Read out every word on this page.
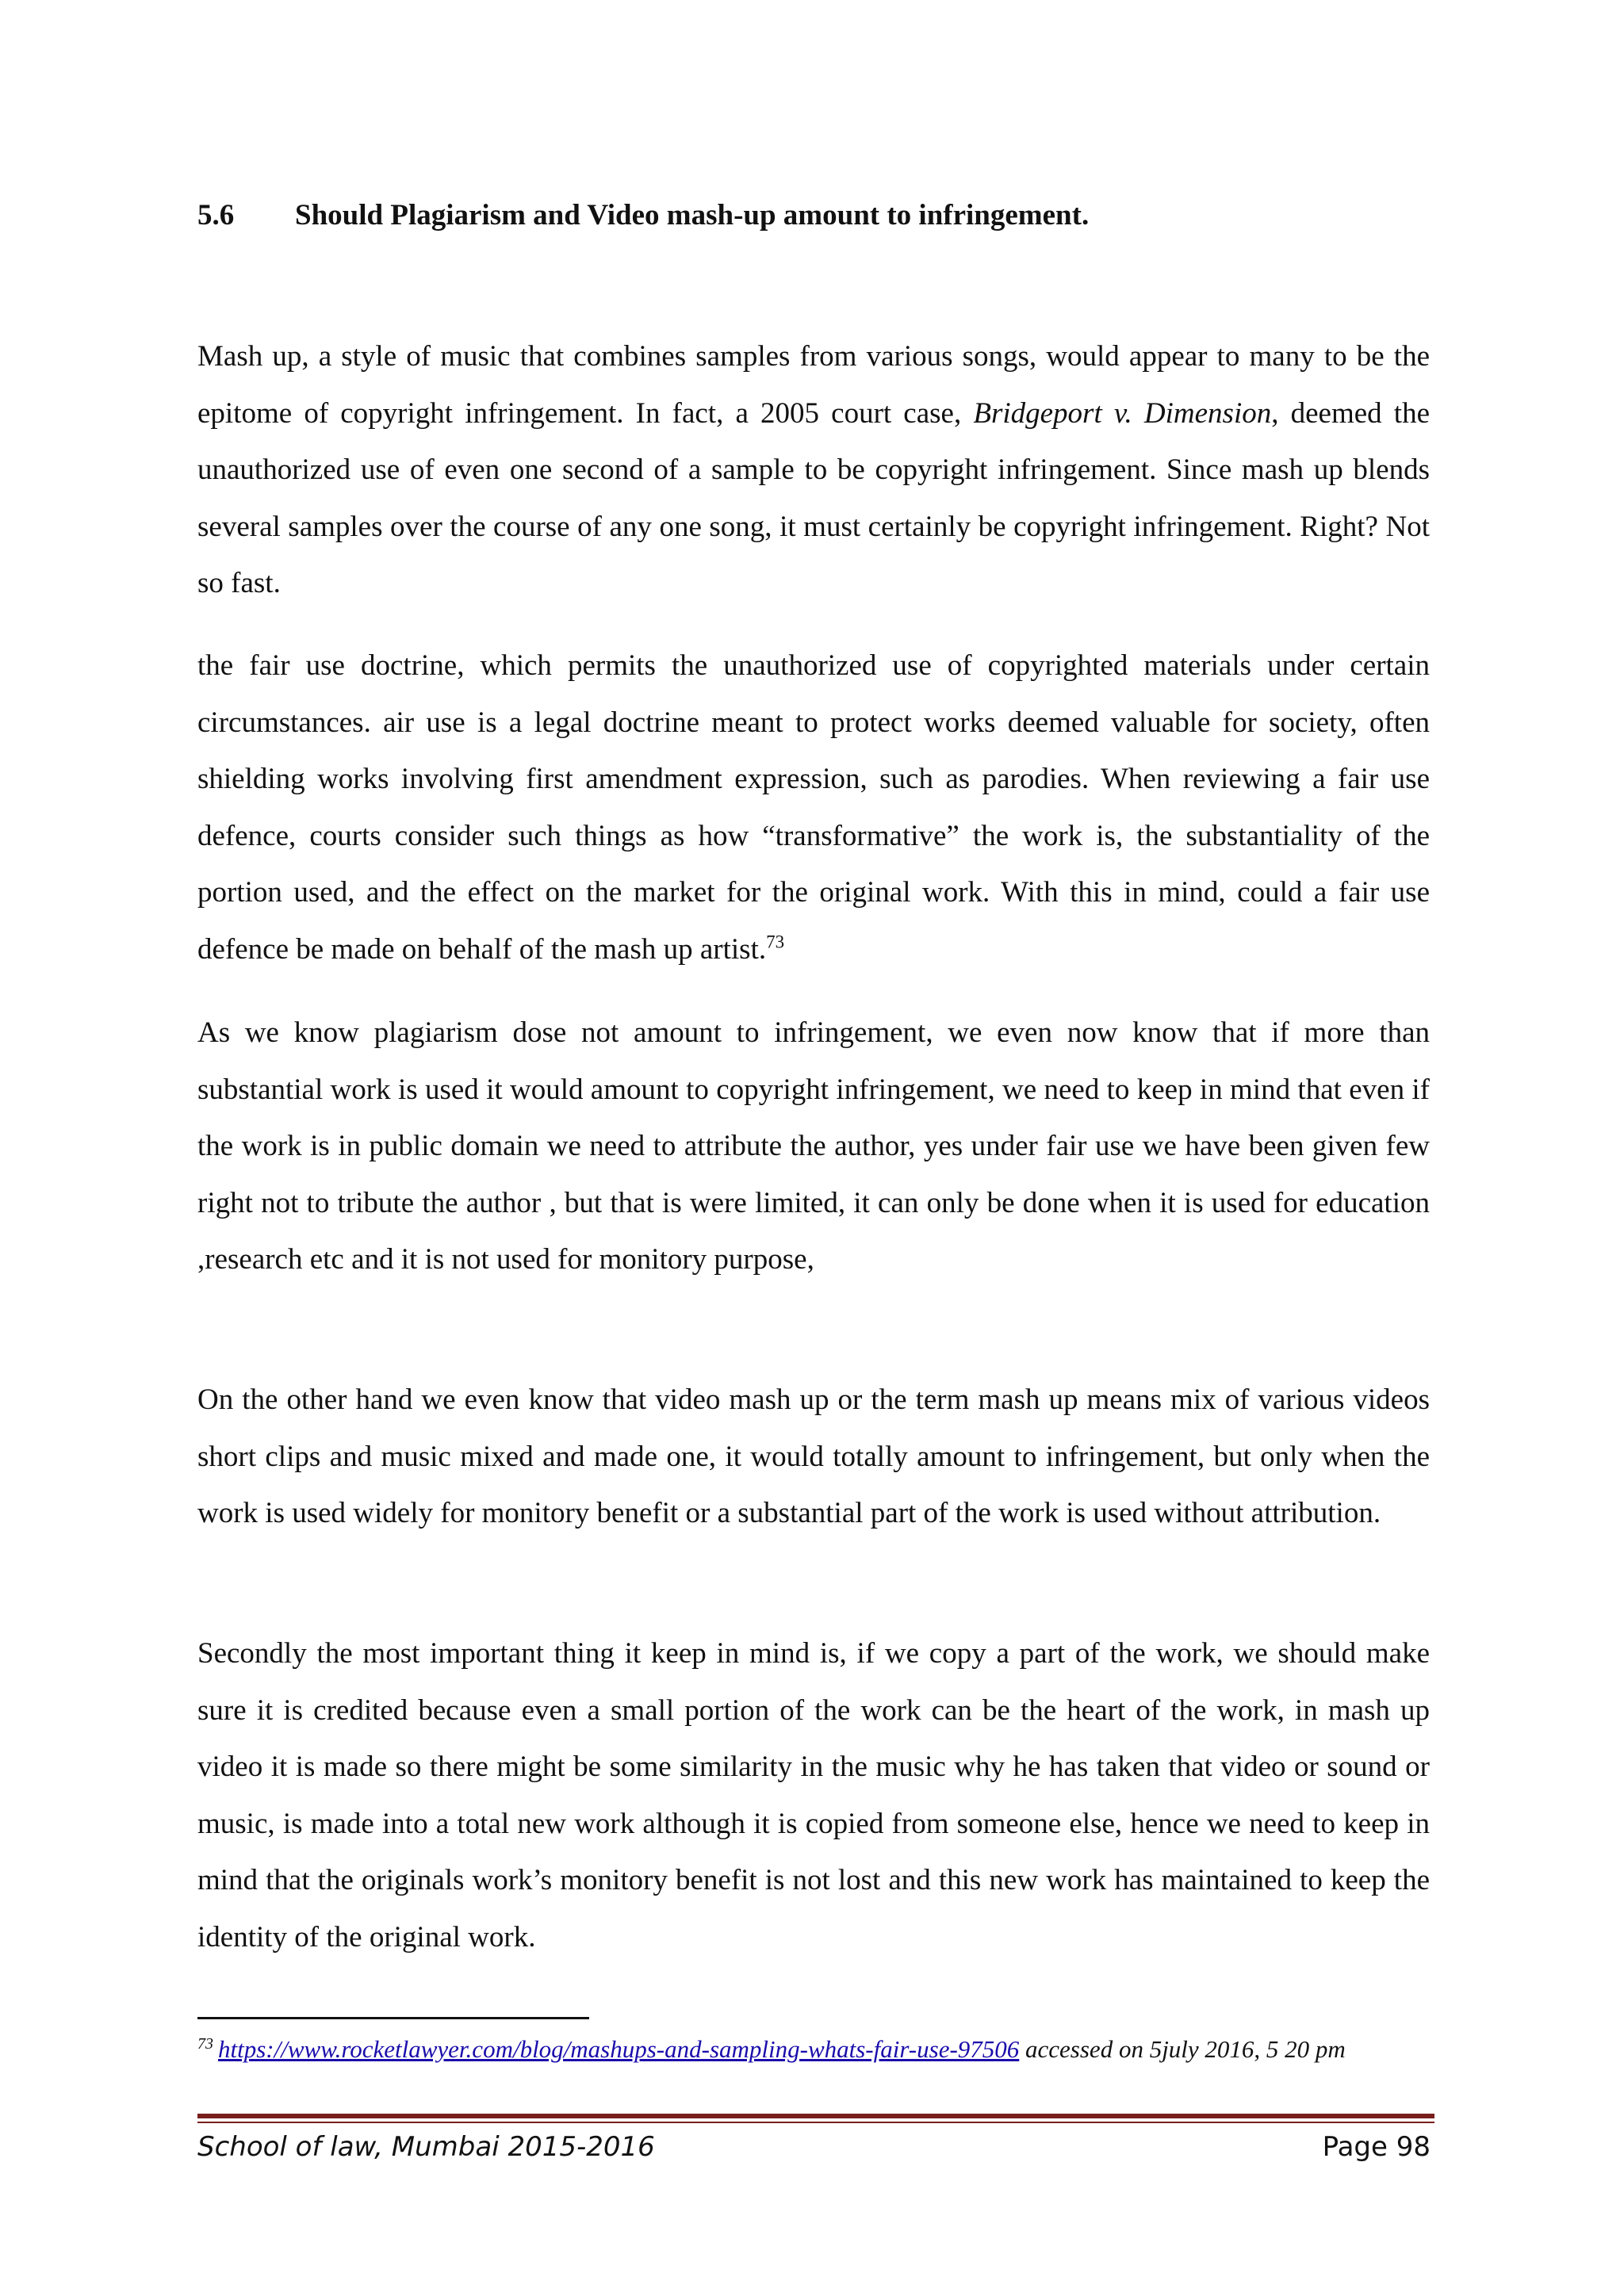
5.6 Should Plagiarism and Video mash-up amount to infringement.

Mash up, a style of music that combines samples from various songs, would appear to many to be the epitome of copyright infringement. In fact, a 2005 court case, Bridgeport v. Dimension, deemed the unauthorized use of even one second of a sample to be copyright infringement. Since mash up blends several samples over the course of any one song, it must certainly be copyright infringement. Right? Not so fast.

the fair use doctrine, which permits the unauthorized use of copyrighted materials under certain circumstances. air use is a legal doctrine meant to protect works deemed valuable for society, often shielding works involving first amendment expression, such as parodies. When reviewing a fair use defence, courts consider such things as how “transformative” the work is, the substantiality of the portion used, and the effect on the market for the original work. With this in mind, could a fair use defence be made on behalf of the mash up artist.$^{73}$

As we know plagiarism dose not amount to infringement, we even now know that if more than substantial work is used it would amount to copyright infringement, we need to keep in mind that even if the work is in public domain we need to attribute the author, yes under fair use we have been given few right not to tribute the author , but that is were limited, it can only be done when it is used for education ,research etc and it is not used for monitory purpose,

On the other hand we even know that video mash up or the term mash up means mix of various videos short clips and music mixed and made one, it would totally amount to infringement, but only when the work is used widely for monitory benefit or a substantial part of the work is used without attribution.

Secondly the most important thing it keep in mind is, if we copy a part of the work, we should make sure it is credited because even a small portion of the work can be the heart of the work, in mash up video it is made so there might be some similarity in the music why he has taken that video or sound or music, is made into a total new work although it is copied from someone else, hence we need to keep in mind that the originals work’s monitory benefit is not lost and this new work has maintained to keep the identity of the original work.

$^{73}$ https://www.rocketlawyer.com/blog/mashups-and-sampling-whats-fair-use-97506 accessed on 5july 2016, 5 20 pm
School of law, Mumbai 2015-2016	Page 98
